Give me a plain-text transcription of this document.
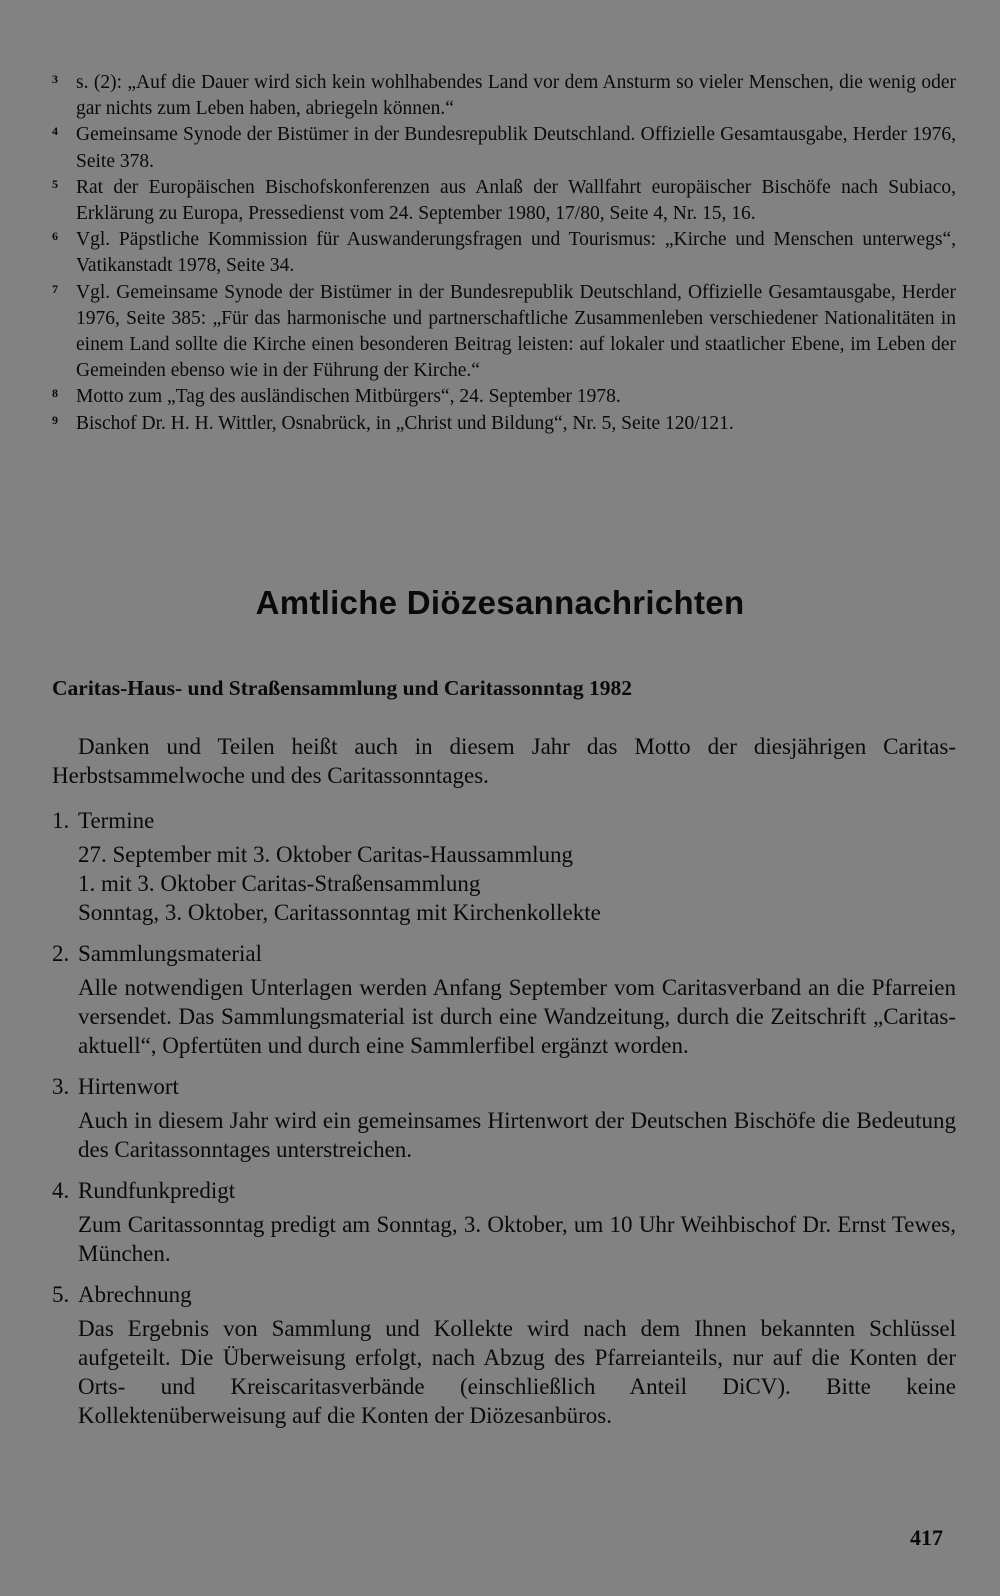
3 s. (2): „Auf die Dauer wird sich kein wohlhabendes Land vor dem Ansturm so vieler Menschen, die wenig oder gar nichts zum Leben haben, abriegeln können.“
4 Gemeinsame Synode der Bistümer in der Bundesrepublik Deutschland. Offizielle Gesamtausgabe, Herder 1976, Seite 378.
5 Rat der Europäischen Bischofskonferenzen aus Anlaß der Wallfahrt europäischer Bischöfe nach Subiaco, Erklärung zu Europa, Pressedienst vom 24. September 1980, 17/80, Seite 4, Nr. 15, 16.
6 Vgl. Päpstliche Kommission für Auswanderungsfragen und Tourismus: „Kirche und Menschen unterwegs“, Vatikanstadt 1978, Seite 34.
7 Vgl. Gemeinsame Synode der Bistümer in der Bundesrepublik Deutschland, Offizielle Gesamtausgabe, Herder 1976, Seite 385: „Für das harmonische und partnerschaftliche Zusammenleben verschiedener Nationalitäten in einem Land sollte die Kirche einen besonderen Beitrag leisten: auf lokaler und staatlicher Ebene, im Leben der Gemeinden ebenso wie in der Führung der Kirche.“
8 Motto zum „Tag des ausländischen Mitbürgers“, 24. September 1978.
9 Bischof Dr. H. H. Wittler, Osnabrück, in „Christ und Bildung“, Nr. 5, Seite 120/121.
Amtliche Diözesannachrichten
Caritas-Haus- und Straßensammlung und Caritassonntag 1982

Danken und Teilen heißt auch in diesem Jahr das Motto der diesjährigen Caritas-Herbstsammelwoche und des Caritassonntages.

1. Termine
27. September mit 3. Oktober Caritas-Haussammlung
1. mit 3. Oktober Caritas-Straßensammlung
Sonntag, 3. Oktober, Caritassonntag mit Kirchenkollekte
2. Sammlungsmaterial
Alle notwendigen Unterlagen werden Anfang September vom Caritasverband an die Pfarreien versendet. Das Sammlungsmaterial ist durch eine Wandzeitung, durch die Zeitschrift „Caritas-aktuell“, Opfertüten und durch eine Sammlerfibel ergänzt worden.
3. Hirtenwort
Auch in diesem Jahr wird ein gemeinsames Hirtenwort der Deutschen Bischöfe die Bedeutung des Caritassonntages unterstreichen.
4. Rundfunkpredigt
Zum Caritassonntag predigt am Sonntag, 3. Oktober, um 10 Uhr Weihbischof Dr. Ernst Tewes, München.
5. Abrechnung
Das Ergebnis von Sammlung und Kollekte wird nach dem Ihnen bekannten Schlüssel aufgeteilt. Die Überweisung erfolgt, nach Abzug des Pfarreianteils, nur auf die Konten der Orts- und Kreiscaritasverbände (einschließlich Anteil DiCV). Bitte keine Kollektenüberweisung auf die Konten der Diözesanbüros.
417
